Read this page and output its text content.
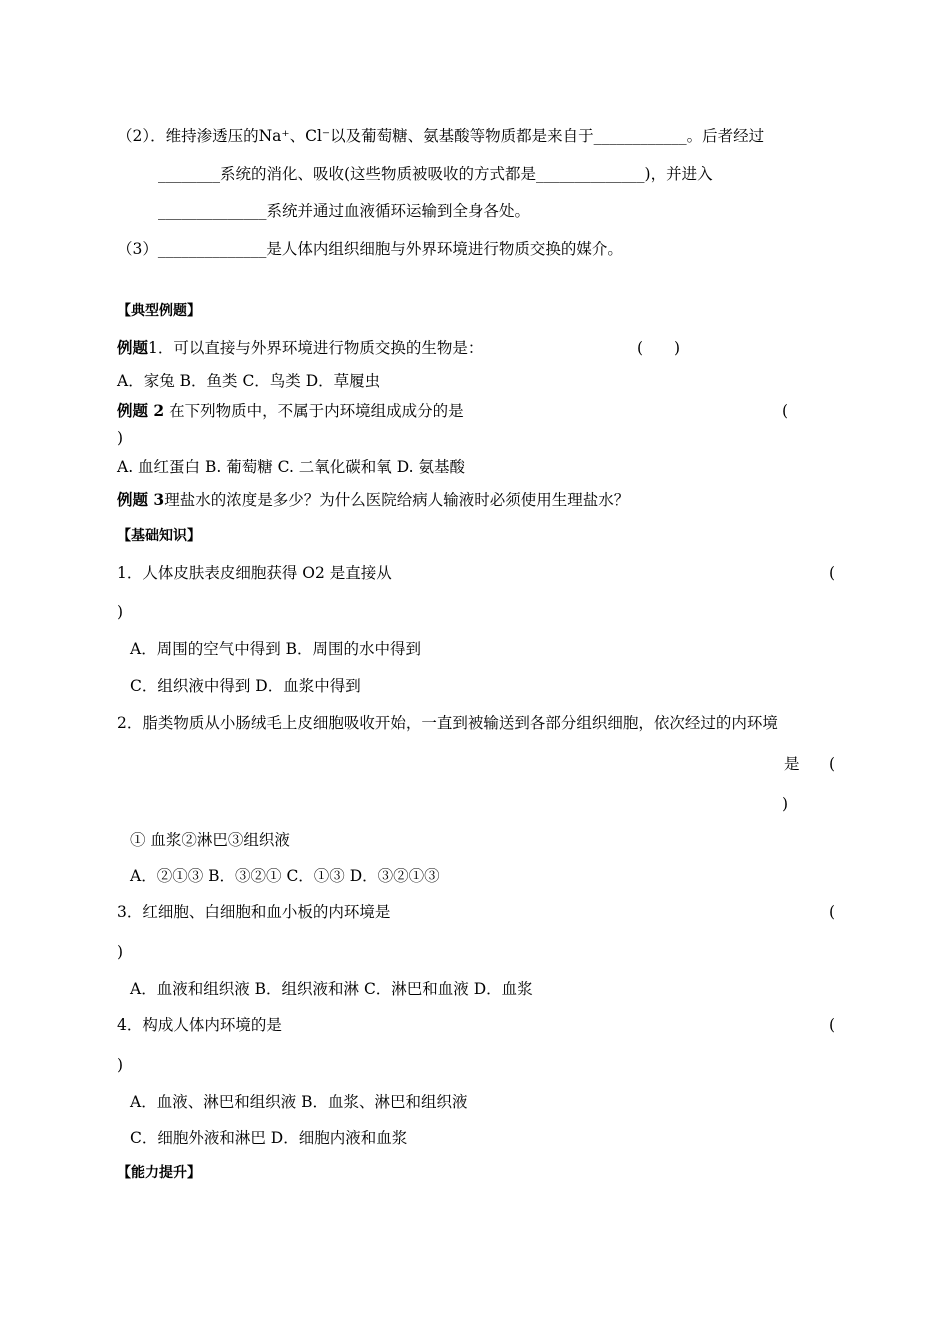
（2）．维持渗透压的Na⁺、Cl⁻以及葡萄糖、氨基酸等物质都是来自于____________。后者经过
________系统的消化、吸收(这些物质被吸收的方式都是______________)，并进入
______________系统并通过血液循环运输到全身各处。
（3）______________是人体内组织细胞与外界环境进行物质交换的媒介。
【典型例题】
例题1．可以直接与外界环境进行物质交换的生物是：	(　　)
A．家兔 B．鱼类 C．鸟类 D．草履虫
例题 2 在下列物质中，不属于内环境组成成分的是	(
)
A. 血红蛋白 B. 葡萄糖 C. 二氧化碳和氧 D. 氨基酸
例题 3理盐水的浓度是多少？为什么医院给病人输液时必须使用生理盐水？
【基础知识】
1．人体皮肤表皮细胞获得 O2 是直接从	(
)
A．周围的空气中得到 B．周围的水中得到
C．组织液中得到 D．血浆中得到
2．脂类物质从小肠绒毛上皮细胞吸收开始，一直到被输送到各部分组织细胞，依次经过的内环境
是 (
)
① 血浆②淋巴③组织液
A．②①③ B．③②① C．①③ D．③②①③
3．红细胞、白细胞和血小板的内环境是	(
)
A．血液和组织液 B．组织液和淋 C．淋巴和血液 D．血浆
4．构成人体内环境的是	(
)
A．血液、淋巴和组织液 B．血浆、淋巴和组织液
C．细胞外液和淋巴 D．细胞内液和血浆
【能力提升】
